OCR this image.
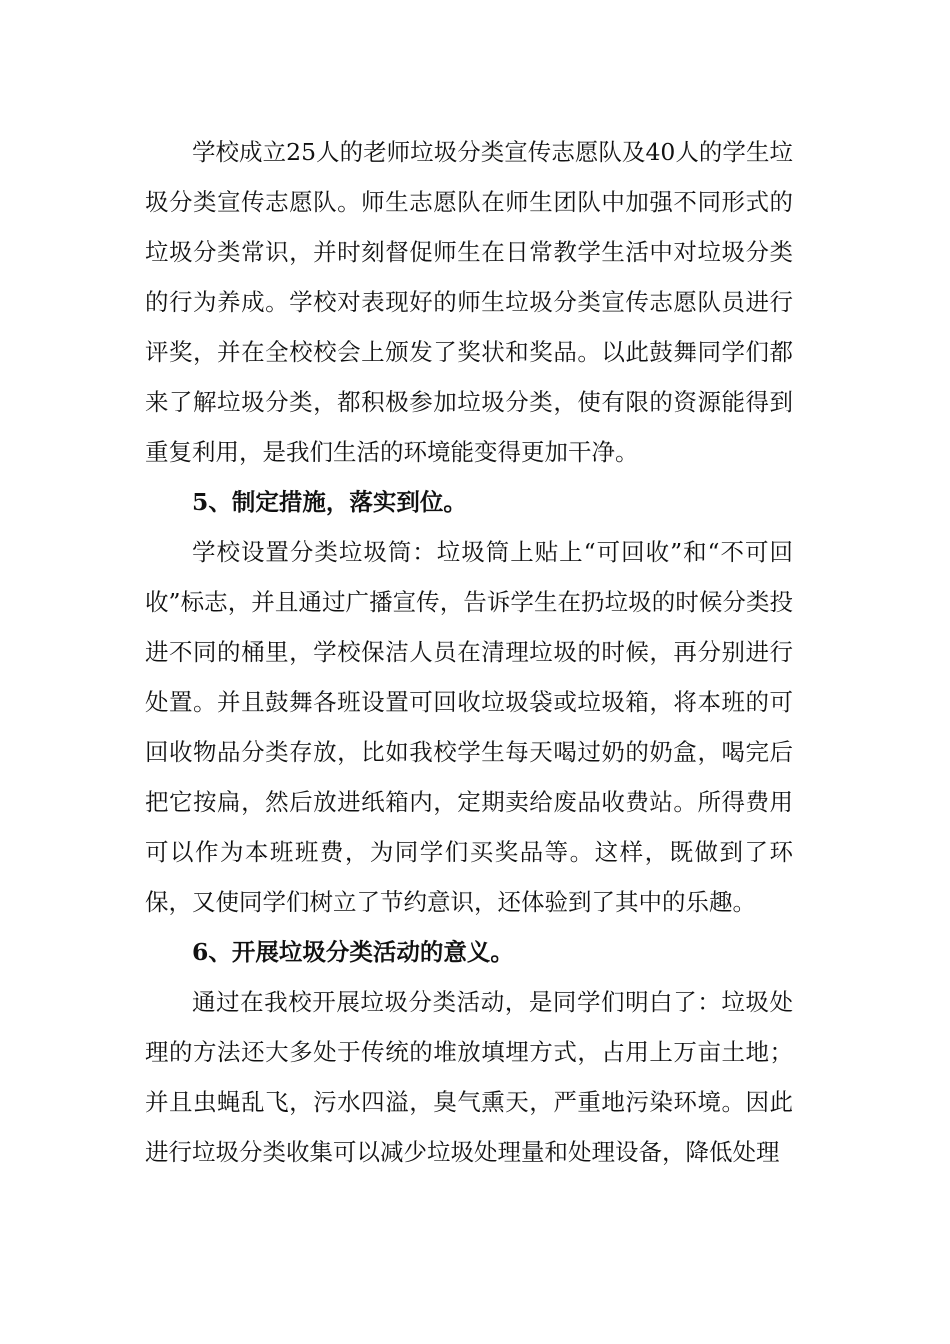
学校成立25人的老师垃圾分类宣传志愿队及40人的学生垃圾分类宣传志愿队。师生志愿队在师生团队中加强不同形式的垃圾分类常识，并时刻督促师生在日常教学生活中对垃圾分类的行为养成。学校对表现好的师生垃圾分类宣传志愿队员进行评奖，并在全校校会上颁发了奖状和奖品。以此鼓舞同学们都来了解垃圾分类，都积极参加垃圾分类，使有限的资源能得到重复利用，是我们生活的环境能变得更加干净。

5、制定措施，落实到位。

学校设置分类垃圾筒：垃圾筒上贴上“可回收”和“不可回收”标志，并且通过广播宣传，告诉学生在扔垃圾的时候分类投进不同的桶里，学校保洁人员在清理垃圾的时候，再分别进行处置。并且鼓舞各班设置可回收垃圾袋或垃圾箱，将本班的可回收物品分类存放，比如我校学生每天喝过奶的奶盒，喝完后把它按扁，然后放进纸箱内，定期卖给废品收费站。所得费用可以作为本班班费，为同学们买奖品等。这样，既做到了环保，又使同学们树立了节约意识，还体验到了其中的乐趣。

6、开展垃圾分类活动的意义。

通过在我校开展垃圾分类活动，是同学们明白了：垃圾处理的方法还大多处于传统的堆放填埋方式，占用上万亩土地；并且虫蝇乱飞，污水四溢，臭气熏天，严重地污染环境。因此进行垃圾分类收集可以减少垃圾处理量和处理设备，降低处理
